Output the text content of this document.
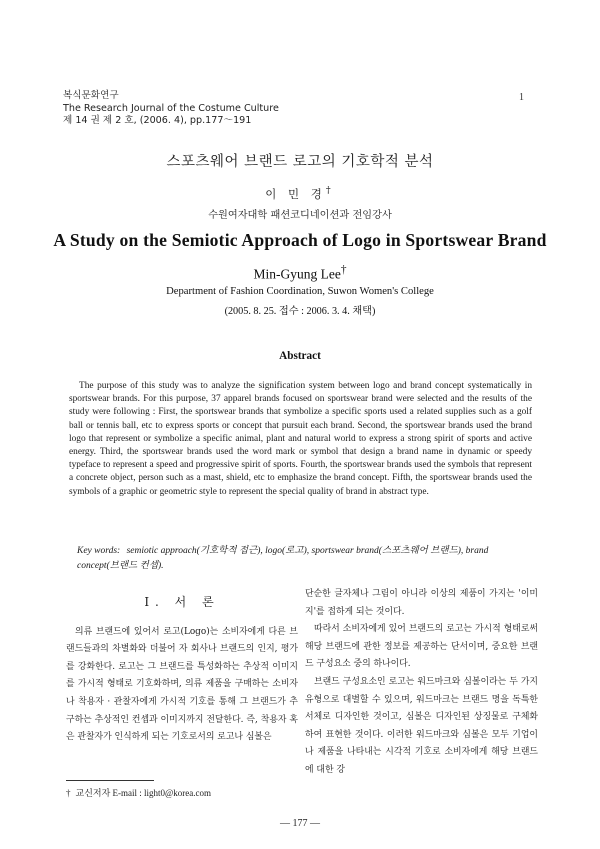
복식문화연구
The Research Journal of the Costume Culture
제 14 권 제 2 호, (2006. 4), pp.177～191
1
스포츠웨어 브랜드 로고의 기호학적 분석
이 민 경†
수원여자대학 패션코디네이션과 전임강사
A Study on the Semiotic Approach of Logo in Sportswear Brand
Min-Gyung Lee†
Department of Fashion Coordination, Suwon Women's College
(2005. 8. 25. 접수 : 2006. 3. 4. 채택)
Abstract
The purpose of this study was to analyze the signification system between logo and brand concept systematically in sportswear brands. For this purpose, 37 apparel brands focused on sportswear brand were selected and the results of the study were following : First, the sportswear brands that symbolize a specific sports used a related supplies such as a golf ball or tennis ball, etc to express sports or concept that pursuit each brand. Second, the sportswear brands used the brand logo that represent or symbolize a specific animal, plant and natural world to express a strong spirit of sports and active energy. Third, the sportswear brands used the word mark or symbol that design a brand name in dynamic or speedy typeface to represent a speed and progressive spirit of sports. Fourth, the sportswear brands used the symbols that represent a concrete object, person such as a mast, shield, etc to emphasize the brand concept. Fifth, the sportswear brands used the symbols of a graphic or geometric style to represent the special quality of brand in abstract type.
Key words: semiotic approach(기호학적 접근), logo(로고), sportswear brand(스포츠웨어 브랜드), brand concept(브랜드 컨셉).
I. 서 론

의류 브랜드에 있어서 로고(Logo)는 소비자에게 다른 브랜드들과의 차별화와 더불어 자 회사나 브랜드의 인지, 평가를 강화한다. 로고는 그 브랜드를 특성화하는 추상적 이미지를 가시적 형태로 기호화하며, 의류 제품을 구매하는 소비자나 착용자 · 관찰자에게 가시적 기호를 통해 그 브랜드가 추구하는 추상적인 컨셉과 이미지까지 전달한다. 즉, 착용자 혹은 관찰자가 인식하게 되는 기호로서의 로고나 심볼은

단순한 글자체나 그림이 아니라 이상의 제품이 가지는 '이미지'를 접하게 되는 것이다.

따라서 소비자에게 있어 브랜드의 로고는 가시적 형태로써 해당 브랜드에 관한 정보를 제공하는 단서이며, 중요한 브랜드 구성요소 중의 하나이다.

브랜드 구성요소인 로고는 워드마크와 심볼이라는 두 가지 유형으로 대별할 수 있으며, 워드마크는 브랜드 명을 독특한 서체로 디자인한 것이고, 심볼은 디자인된 상징물로 구체화하여 표현한 것이다. 이러한 워드마크와 심볼은 모두 기업이나 제품을 나타내는 시각적 기호로 소비자에게 해당 브랜드에 대한 강

† 교신저자 E-mail : light0@korea.com
— 177 —
